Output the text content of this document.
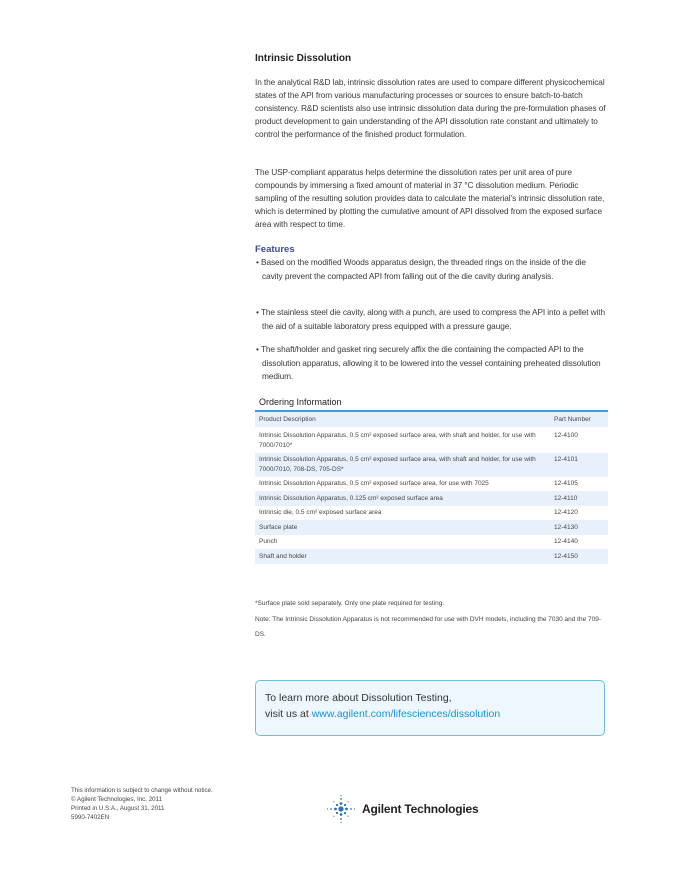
Intrinsic Dissolution
In the analytical R&D lab, intrinsic dissolution rates are used to compare different physicochemical states of the API from various manufacturing processes or sources to ensure batch-to-batch consistency. R&D scientists also use intrinsic dissolution data during the pre-formulation phases of product development to gain understanding of the API dissolution rate constant and ultimately to control the performance of the finished product formulation.
The USP-compliant apparatus helps determine the dissolution rates per unit area of pure compounds by immersing a fixed amount of material in 37 °C dissolution medium. Periodic sampling of the resulting solution provides data to calculate the material’s intrinsic dissolution rate, which is determined by plotting the cumulative amount of API dissolved from the exposed surface area with respect to time.
Features
• Based on the modified Woods apparatus design, the threaded rings on the inside of the die cavity prevent the compacted API from falling out of the die cavity during analysis.
• The stainless steel die cavity, along with a punch, are used to compress the API into a pellet with the aid of a suitable laboratory press equipped with a pressure gauge.
• The shaft/holder and gasket ring securely affix the die containing the compacted API to the dissolution apparatus, allowing it to be lowered into the vessel containing preheated dissolution medium.
Ordering Information
Product Description	Part Number
Intrinsic Dissolution Apparatus, 0.5 cm² exposed surface area, with shaft and holder, for use with 7000/7010*	12-4100
Intrinsic Dissolution Apparatus, 0.5 cm² exposed surface area, with shaft and holder, for use with 7000/7010, 708-DS, 705-DS*	12-4101
Intrinsic Dissolution Apparatus, 0.5 cm² exposed surface area, for use with 7025	12-4105
Intrinsic Dissolution Apparatus, 0.125 cm² exposed surface area	12-4110
Intrinsic die, 0.5 cm² exposed surface area	12-4120
Surface plate	12-4130
Punch	12-4140
Shaft and holder	12-4150
*Surface plate sold separately. Only one plate required for testing.
Note: The Intrinsic Dissolution Apparatus is not recommended for use with DVH models, including the 7030 and the 709-DS.
To learn more about Dissolution Testing,
visit us at www.agilent.com/lifesciences/dissolution
This information is subject to change without notice.
© Agilent Technologies, Inc. 2011
Printed in U.S.A., August 31, 2011
5990-7402EN
Agilent Technologies
